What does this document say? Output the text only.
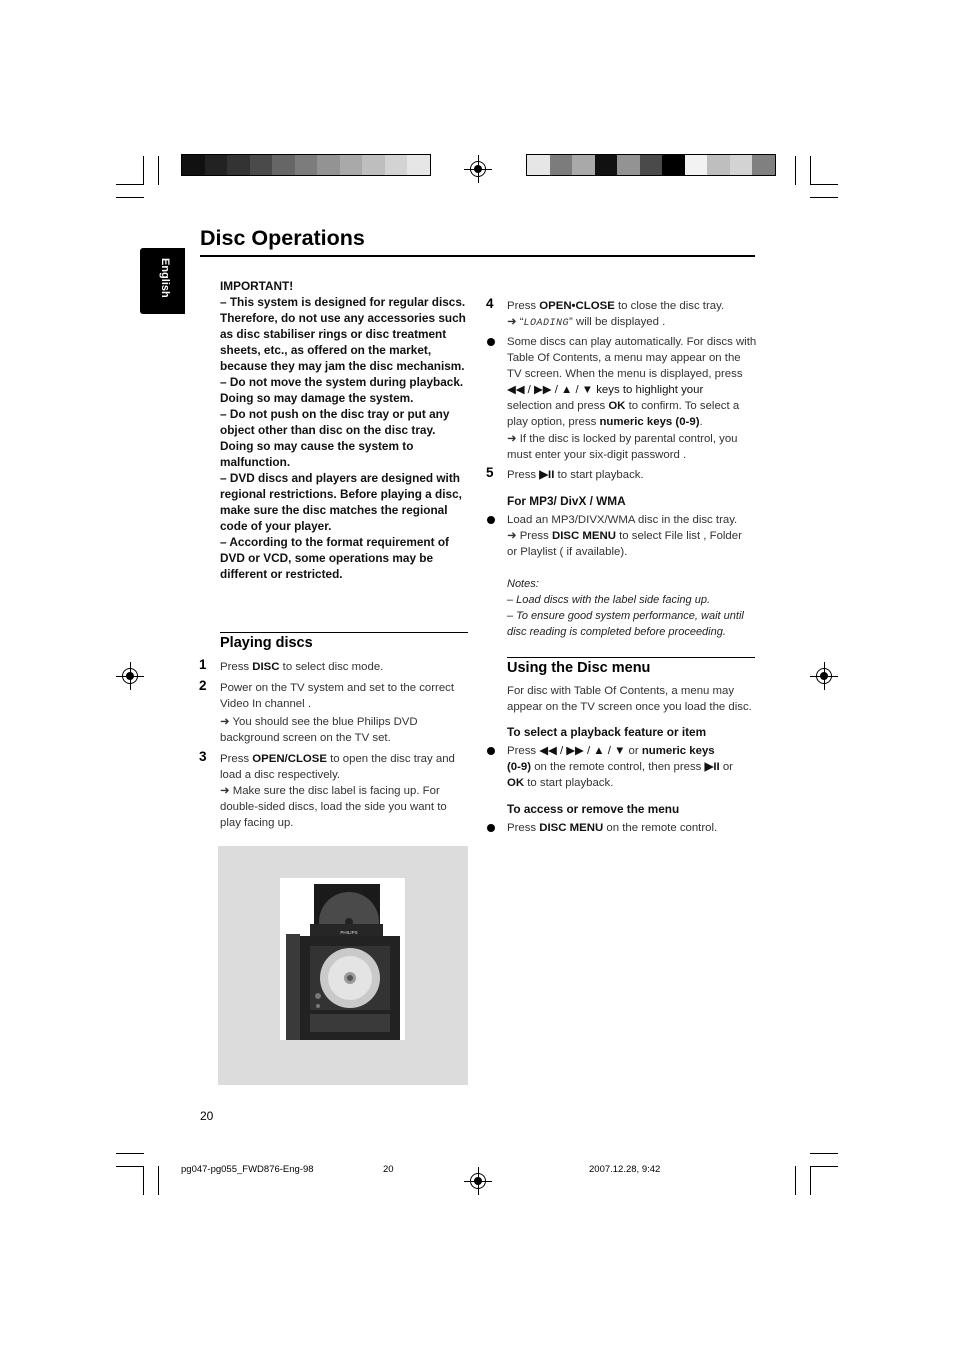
Disc Operations
English	IMPORTANT!

– This system is designed for regular discs. Therefore, do not use any accessories such as disc stabiliser rings or disc treatment sheets, etc., as offered on the market, because they may jam the disc mechanism.

– Do not move the system during playback. Doing so may damage the system.

– Do not push on the disc tray or put any object other than disc on the disc tray. Doing so may cause the system to malfunction.

– DVD discs and players are designed with regional restrictions. Before playing a disc, make sure the disc matches the regional code of your player.

– According to the format requirement of DVD or VCD, some operations may be different or restricted.

Playing discs
1 Press DISC to select disc mode.
2 Power on the TV system and set to the correct
Video In channel .
➜ You should see the blue Philips DVD
background screen on the TV set.
3 Press OPEN/CLOSE to open the disc tray and
load a disc respectively.
➜ Make sure the disc label is facing up. For
double-sided discs, load the side you want to
play facing up.
PHILIPS
4 Press OPEN•CLOSE to close the disc tray.
➜ “LOADING” will be displayed .
Some discs can play automatically. For discs with
Table Of Contents, a menu may appear on the
TV screen. When the menu is displayed, press
◀◀ / ▶▶ / ▲ / ▼ keys to highlight your
selection and press OK to confirm. To select a
play option, press numeric keys (0-9).
➜ If the disc is locked by parental control, you
must enter your six-digit password .
5 Press ▶II to start playback.
For MP3/ DivX / WMA
Load an MP3/DIVX/WMA disc in the disc tray.
➜ Press DISC MENU to select File list , Folder
or Playlist ( if available).
Notes:
– Load discs with the label side facing up.
– To ensure good system performance, wait until
disc reading is completed before proceeding.
Using the Disc menu
For disc with Table Of Contents, a menu may
appear on the TV screen once you load the disc.
To select a playback feature or item
Press ◀◀ / ▶▶ / ▲ / ▼ or numeric keys
(0-9) on the remote control, then press ▶II or
OK to start playback.
To access or remove the menu
Press DISC MENU on the remote control.
20
pg047-pg055_FWD876-Eng-98	20	2007.12.28, 9:42
